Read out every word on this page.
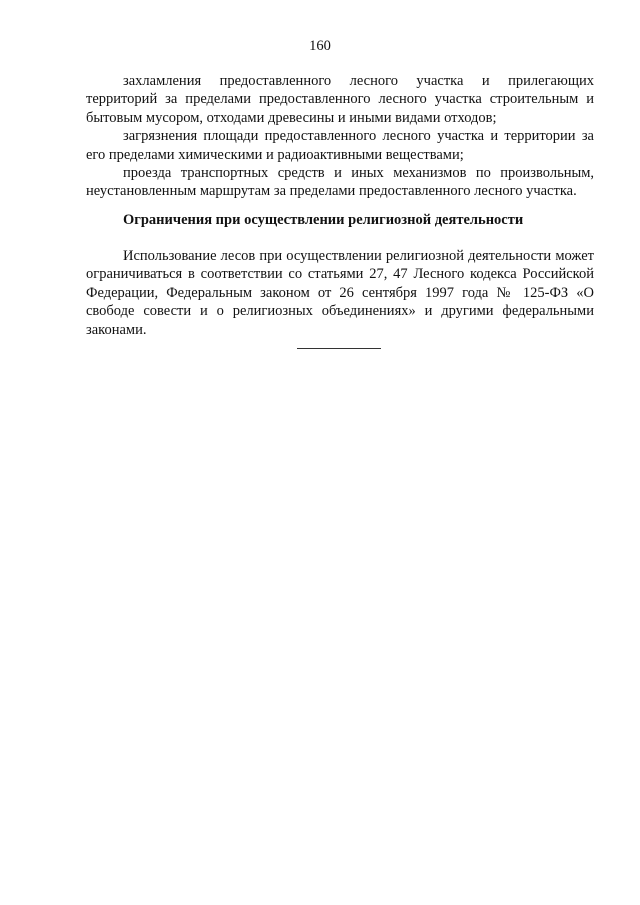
160

захламления предоставленного лесного участка и прилегающих территорий за пределами предоставленного лесного участка строительным и бытовым мусором, отходами древесины и иными видами отходов;

загрязнения площади предоставленного лесного участка и территории за его пределами химическими и радиоактивными веществами;

проезда транспортных средств и иных механизмов по произвольным, неустановленным маршрутам за пределами предоставленного лесного участка.

Ограничения при осуществлении религиозной деятельности

Использование лесов при осуществлении религиозной деятельности может ограничиваться в соответствии со статьями 27, 47 Лесного кодекса Российской Федерации, Федеральным законом от 26 сентября 1997 года № 125-ФЗ «О свободе совести и о религиозных объединениях» и другими федеральными законами.
